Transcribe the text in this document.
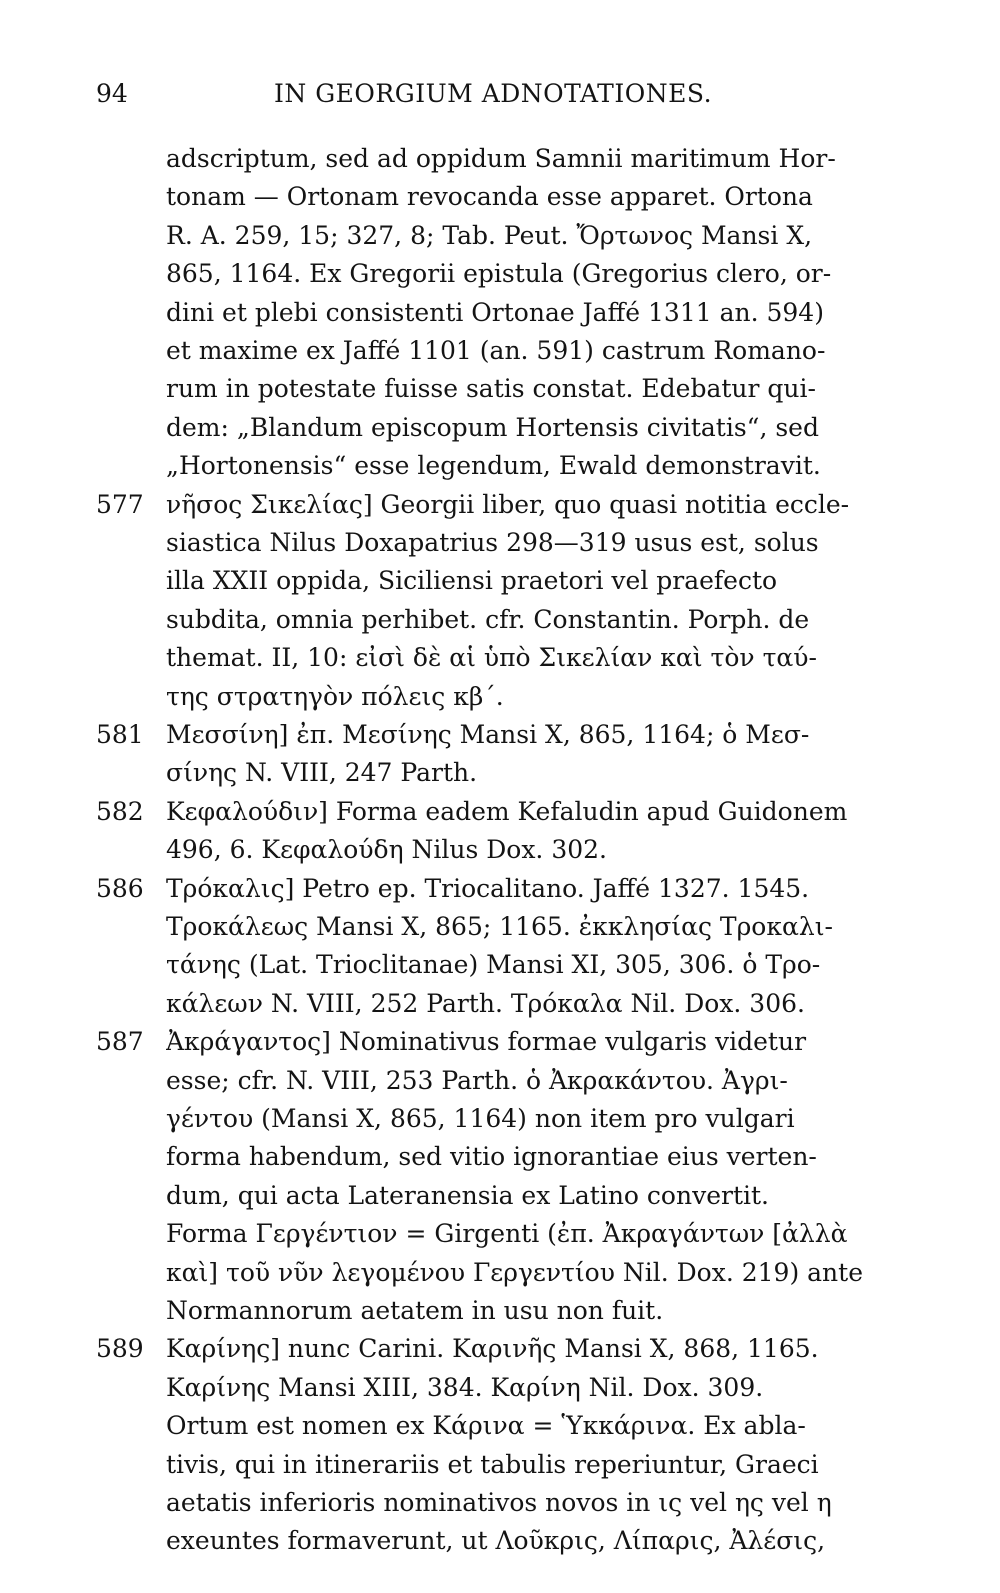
94	IN GEORGIUM ADNOTATIONES.
adscriptum, sed ad oppidum Samnii maritimum Hor-
tonam — Ortonam revocanda esse apparet. Ortona
R. A. 259, 15; 327, 8; Tab. Peut. Ὄρτωνος Mansi X,
865, 1164. Ex Gregorii epistula (Gregorius clero, or-
dini et plebi consistenti Ortonae Jaffé 1311 an. 594)
et maxime ex Jaffé 1101 (an. 591) castrum Romano-
rum in potestate fuisse satis constat. Edebatur qui-
dem: „Blandum episcopum Hortensis civitatis“, sed
„Hortonensis“ esse legendum, Ewald demonstravit.
577 νῆσος Σικελίας] Georgii liber, quo quasi notitia eccle-
siastica Nilus Doxapatrius 298—319 usus est, solus
illa XXII oppida, Siciliensi praetori vel praefecto
subdita, omnia perhibet. cfr. Constantin. Porph. de
themat. II, 10: εἰσὶ δὲ αἱ ὑπὸ Σικελίαν καὶ τὸν ταύ-
της στρατηγὸν πόλεις κβ΄.
581 Μεσσίνη] ἐπ. Μεσίνης Mansi X, 865, 1164; ὁ Μεσ-
σίνης N. VIII, 247 Parth.
582 Κεφαλούδιν] Forma eadem Kefaludin apud Guidonem
496, 6. Κεφαλούδη Nilus Dox. 302.
586 Τρόκαλις] Petro ep. Triocalitano. Jaffé 1327. 1545.
Τροκάλεως Mansi X, 865; 1165. ἐκκλησίας Τροκαλι-
τάνης (Lat. Trioclitanae) Mansi XI, 305, 306. ὁ Τρο-
κάλεων N. VIII, 252 Parth. Τρόκαλα Nil. Dox. 306.
587 Ἀκράγαντος] Nominativus formae vulgaris videtur
esse; cfr. N. VIII, 253 Parth. ὁ Ἀκρακάντου. Ἀγρι-
γέντου (Mansi X, 865, 1164) non item pro vulgari
forma habendum, sed vitio ignorantiae eius verten-
dum, qui acta Lateranensia ex Latino convertit.
Forma Γεργέντιον = Girgenti (ἐπ. Ἀκραγάντων [ἀλλὰ
καὶ] τοῦ νῦν λεγομένου Γεργεντίου Nil. Dox. 219) ante
Normannorum aetatem in usu non fuit.
589 Καρίνης] nunc Carini. Καρινῆς Mansi X, 868, 1165.
Καρίνης Mansi XIII, 384. Καρίνη Nil. Dox. 309.
Ortum est nomen ex Κάρινα = Ὑκκάρινα. Ex abla-
tivis, qui in itinerariis et tabulis reperiuntur, Graeci
aetatis inferioris nominativos novos in ις vel ης vel η
exeuntes formaverunt, ut Λοῦκρις, Λίπαρις, Ἀλέσις,
